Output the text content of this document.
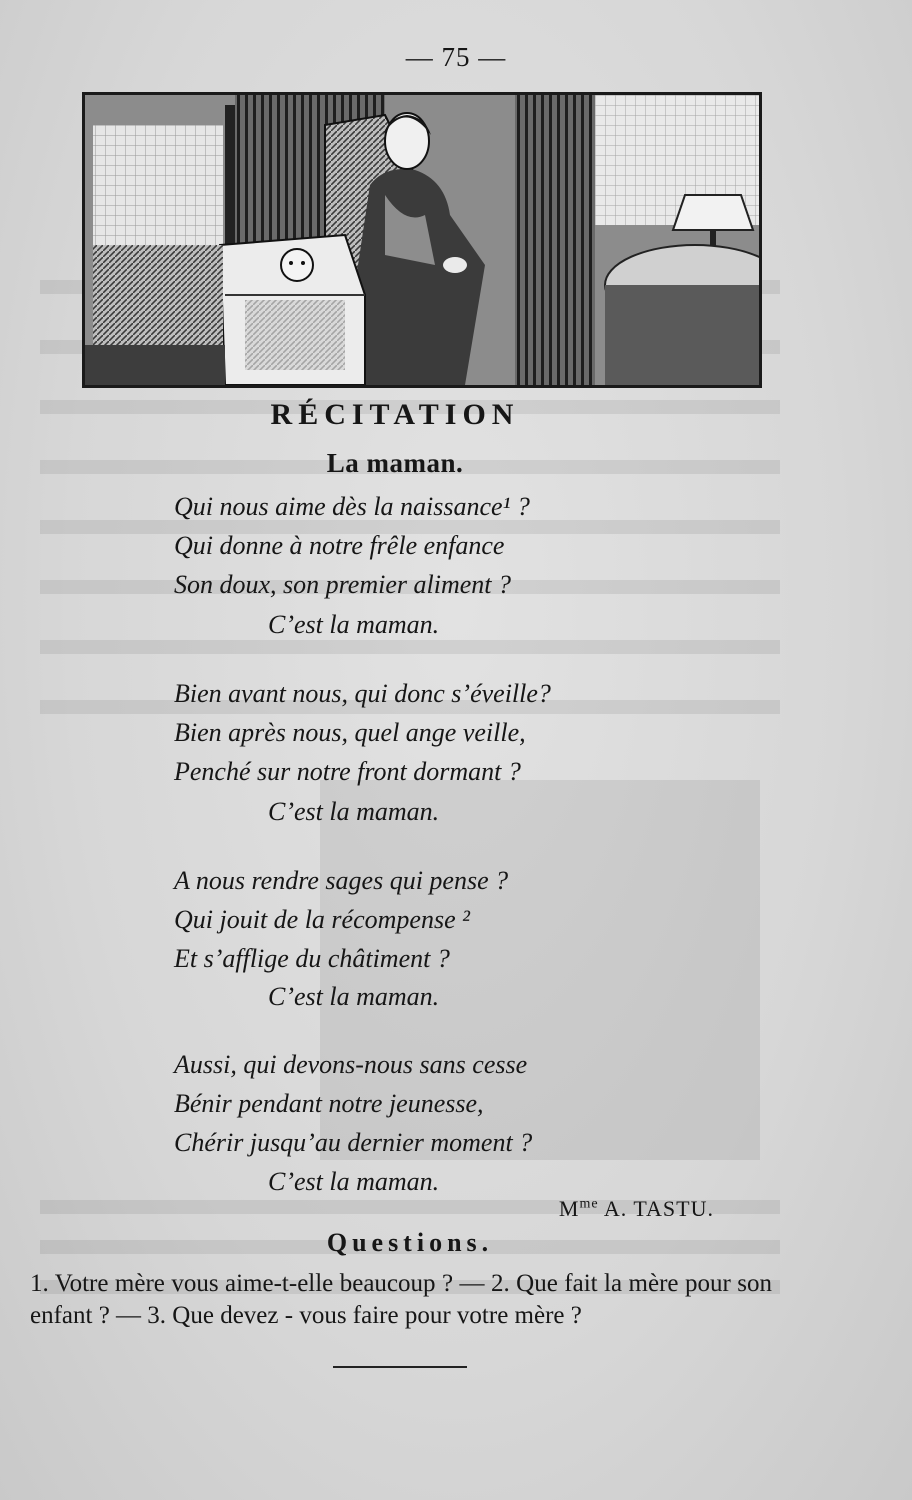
— 75 —
RÉCITATION
La maman.
Qui nous aime dès la naissance¹ ?
Qui donne à notre frêle enfance
Son doux, son premier aliment ?
C’est la maman.
Bien avant nous, qui donc s’éveille?
Bien après nous, quel ange veille,
Penché sur notre front dormant ?
C’est la maman.
A nous rendre sages qui pense ?
Qui jouit de la récompense ²
Et s’afflige du châtiment ?
C’est la maman.
Aussi, qui devons-nous sans cesse
Bénir pendant notre jeunesse,
Chérir jusqu’au dernier moment ?
C’est la maman.
$M^{me}$ A. TASTU.
Questions.
1. Votre mère vous aime-t-elle beaucoup ? — 2. Que fait la mère pour son enfant ? — 3. Que devez - vous faire pour votre mère ?
